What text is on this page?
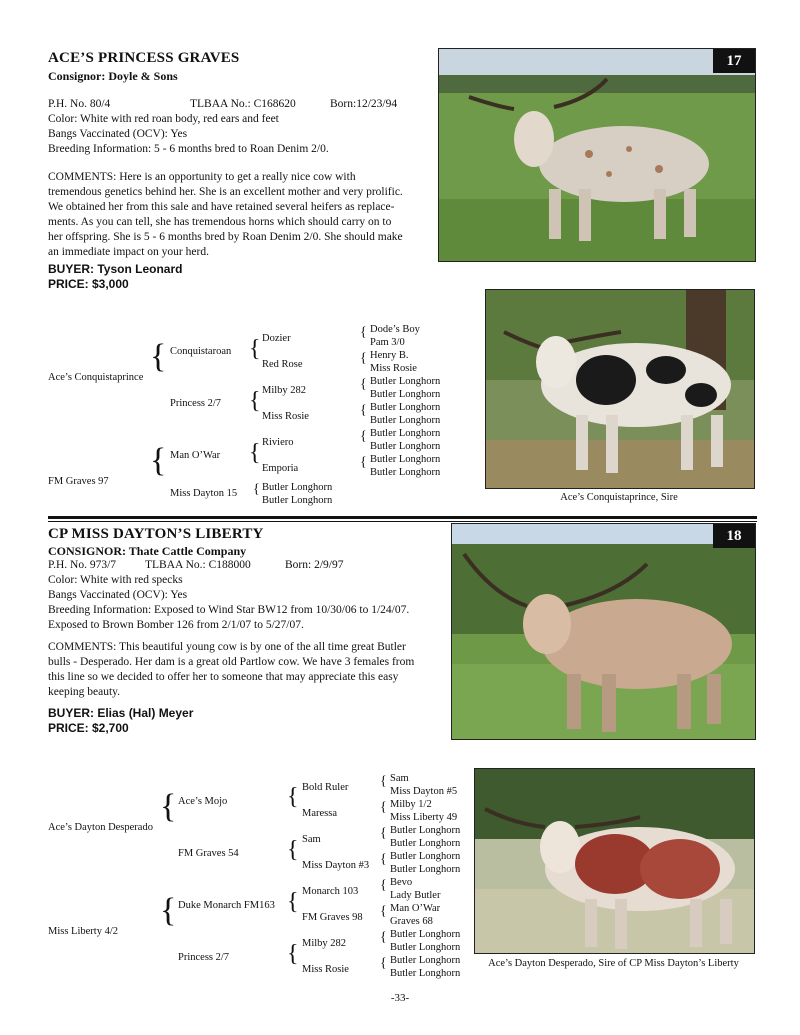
ACE’S PRINCESS GRAVES
Consignor: Doyle & Sons
P.H. No. 80/4	TLBAA No.: C168620	Born:12/23/94
Color: White with red roan body, red ears and feet
Bangs Vaccinated (OCV): Yes
Breeding Information: 5 - 6 months bred to Roan Denim 2/0.
COMMENTS: Here is an opportunity to get a really nice cow with
tremendous genetics behind her. She is an excellent mother and very prolific.
We obtained her from this sale and have retained several heifers as replace-
ments. As you can tell, she has tremendous horns which should carry on to
her offspring. She is 5 - 6 months bred by Roan Denim 2/0. She should make
an immediate impact on your herd.
BUYER: Tyson Leonard
PRICE: $3,000
17
Ace’s Conquistaprince
FM Graves 97
{
{
Conquistaroan
Princess 2/7
Man O’War
Miss Dayton 15
{
{
{
{
Dozier
Red Rose
Milby 282
Miss Rosie
Riviero
Emporia
Butler Longhorn
Butler Longhorn
{
{
{
{
{
{
Dode’s Boy
Pam 3/0
Henry B.
Miss Rosie
Butler Longhorn
Butler Longhorn
Butler Longhorn
Butler Longhorn
Butler Longhorn
Butler Longhorn
Butler Longhorn
Butler Longhorn
Ace’s Conquistaprince, Sire
CP MISS DAYTON’S LIBERTY
CONSIGNOR: Thate Cattle Company
P.H. No. 973/7	TLBAA No.: C188000	Born: 2/9/97
Color: White with red specks
Bangs Vaccinated (OCV): Yes
Breeding Information: Exposed to Wind Star BW12 from 10/30/06 to 1/24/07.
Exposed to Brown Bomber 126 from 2/1/07 to 5/27/07.
COMMENTS: This beautiful young cow is by one of the all time great Butler
bulls - Desperado. Her dam is a great old Partlow cow. We have 3 females from
this line so we decided to offer her to someone that may appreciate this easy
keeping beauty.
BUYER: Elias (Hal) Meyer
PRICE: $2,700
18
Ace’s Dayton Desperado
Miss Liberty 4/2
{
{
Ace’s Mojo
FM Graves 54
Duke Monarch FM163
Princess 2/7
{
{
{
{
Bold Ruler
Maressa
Sam
Miss Dayton #3
Monarch 103
FM Graves 98
Milby 282
Miss Rosie
{
{
{
{
{
{
{
{
Sam
Miss Dayton #5
Milby 1/2
Miss Liberty 49
Butler Longhorn
Butler Longhorn
Butler Longhorn
Butler Longhorn
Bevo
Lady Butler
Man O’War
Graves 68
Butler Longhorn
Butler Longhorn
Butler Longhorn
Butler Longhorn
Ace’s Dayton Desperado, Sire of CP Miss Dayton’s Liberty
-33-
